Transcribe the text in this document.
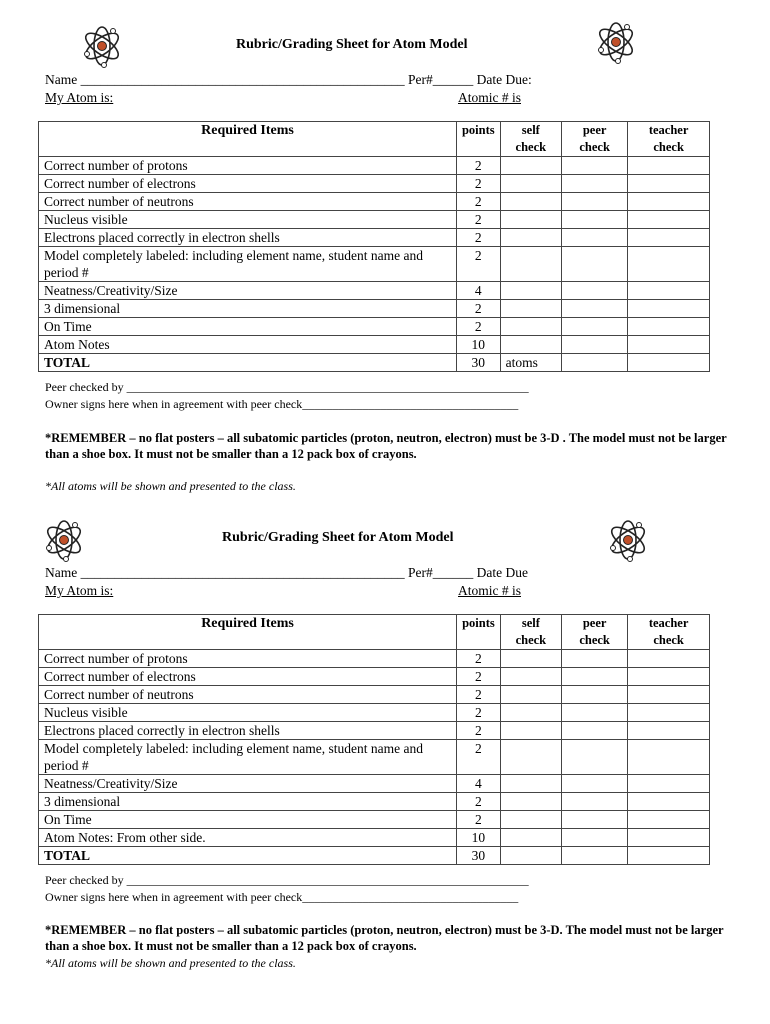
Rubric/Grading Sheet for Atom Model
Name ________________________________________________ Per#______ Date Due:
My Atom is:	Atomic # is
Required Items	points	self check	peer check	teacher check
Correct number of protons	2			
Correct number of electrons	2			
Correct number of neutrons	2			
Nucleus visible	2			
Electrons placed correctly in electron shells	2			
Model completely labeled: including element name, student name and period #	2			
Neatness/Creativity/Size	4			
3 dimensional	2			
On Time	2			
Atom Notes	10			
TOTAL	30	atoms		
Peer checked by ___________________________________________________________________
Owner signs here when in agreement with peer check____________________________________
*REMEMBER – no flat posters – all subatomic particles (proton, neutron, electron) must be 3-D . The model must not be larger than a shoe box. It must not be smaller than a 12 pack box of crayons.
*All atoms will be shown and presented to the class.
Rubric/Grading Sheet for Atom Model
Name ________________________________________________ Per#______ Date Due
My Atom is:	Atomic # is
Required Items	points	self check	peer check	teacher check
Correct number of protons	2			
Correct number of electrons	2			
Correct number of neutrons	2			
Nucleus visible	2			
Electrons placed correctly in electron shells	2			
Model completely labeled: including element name, student name and period #	2			
Neatness/Creativity/Size	4			
3 dimensional	2			
On Time	2			
Atom Notes: From other side.	10			
TOTAL	30			
Peer checked by ___________________________________________________________________
Owner signs here when in agreement with peer check____________________________________
*REMEMBER – no flat posters – all subatomic particles (proton, neutron, electron) must be 3-D. The model must not be larger than a shoe box. It must not be smaller than a 12 pack box of crayons.
*All atoms will be shown and presented to the class.
